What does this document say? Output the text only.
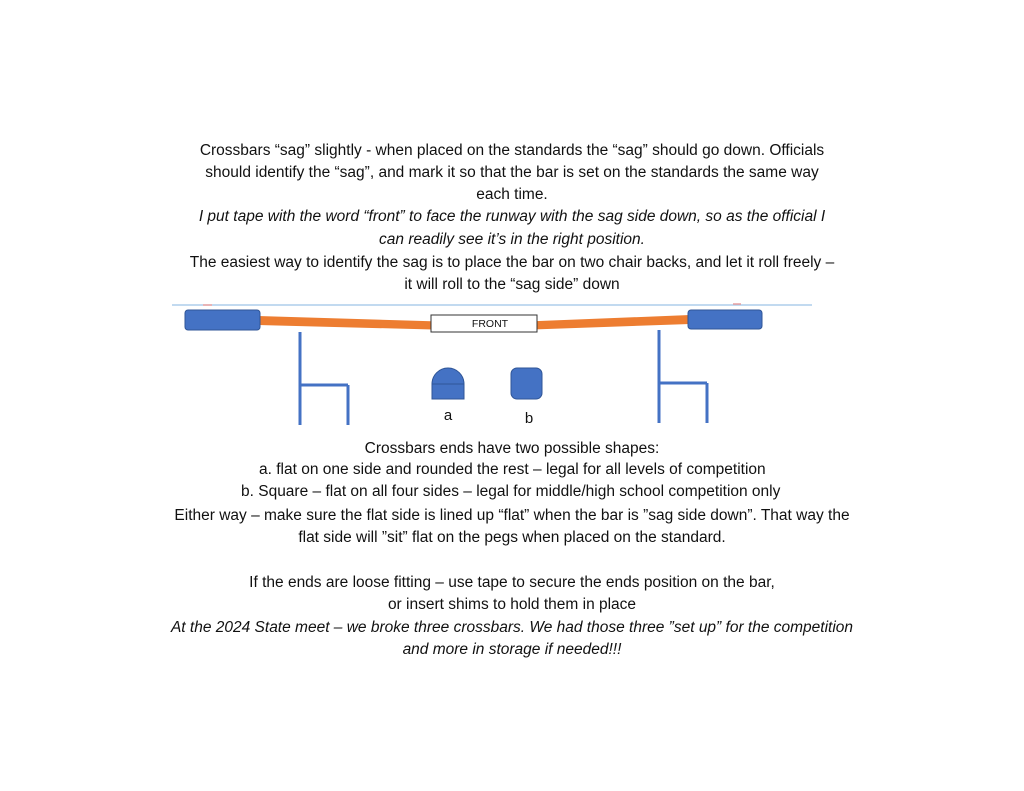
Crossbars “sag” slightly - when placed on the standards the “sag” should go down. Officials
should identify the “sag”, and mark it so that the bar is set on the standards the same way
each time.
I put tape with the word “front” to face the runway with the sag side down, so as the official I
can readily see it’s in the right position.
The easiest way to identify the sag is to place the bar on two chair backs, and let it roll freely –
it will roll to the “sag side” down
FRONT
a	b
Crossbars ends have two possible shapes:
a. flat on one side and rounded the rest – legal for all levels of competition
b. Square – flat on all four sides – legal for middle/high school competition only
Either way – make sure the flat side is lined up “flat” when the bar is ”sag side down”. That way the
flat side will ”sit” flat on the pegs when placed on the standard.
If the ends are loose fitting – use tape to secure the ends position on the bar,
or insert shims to hold them in place
At the 2024 State meet – we broke three crossbars. We had those three ”set up” for the competition
and more in storage if needed!!!
